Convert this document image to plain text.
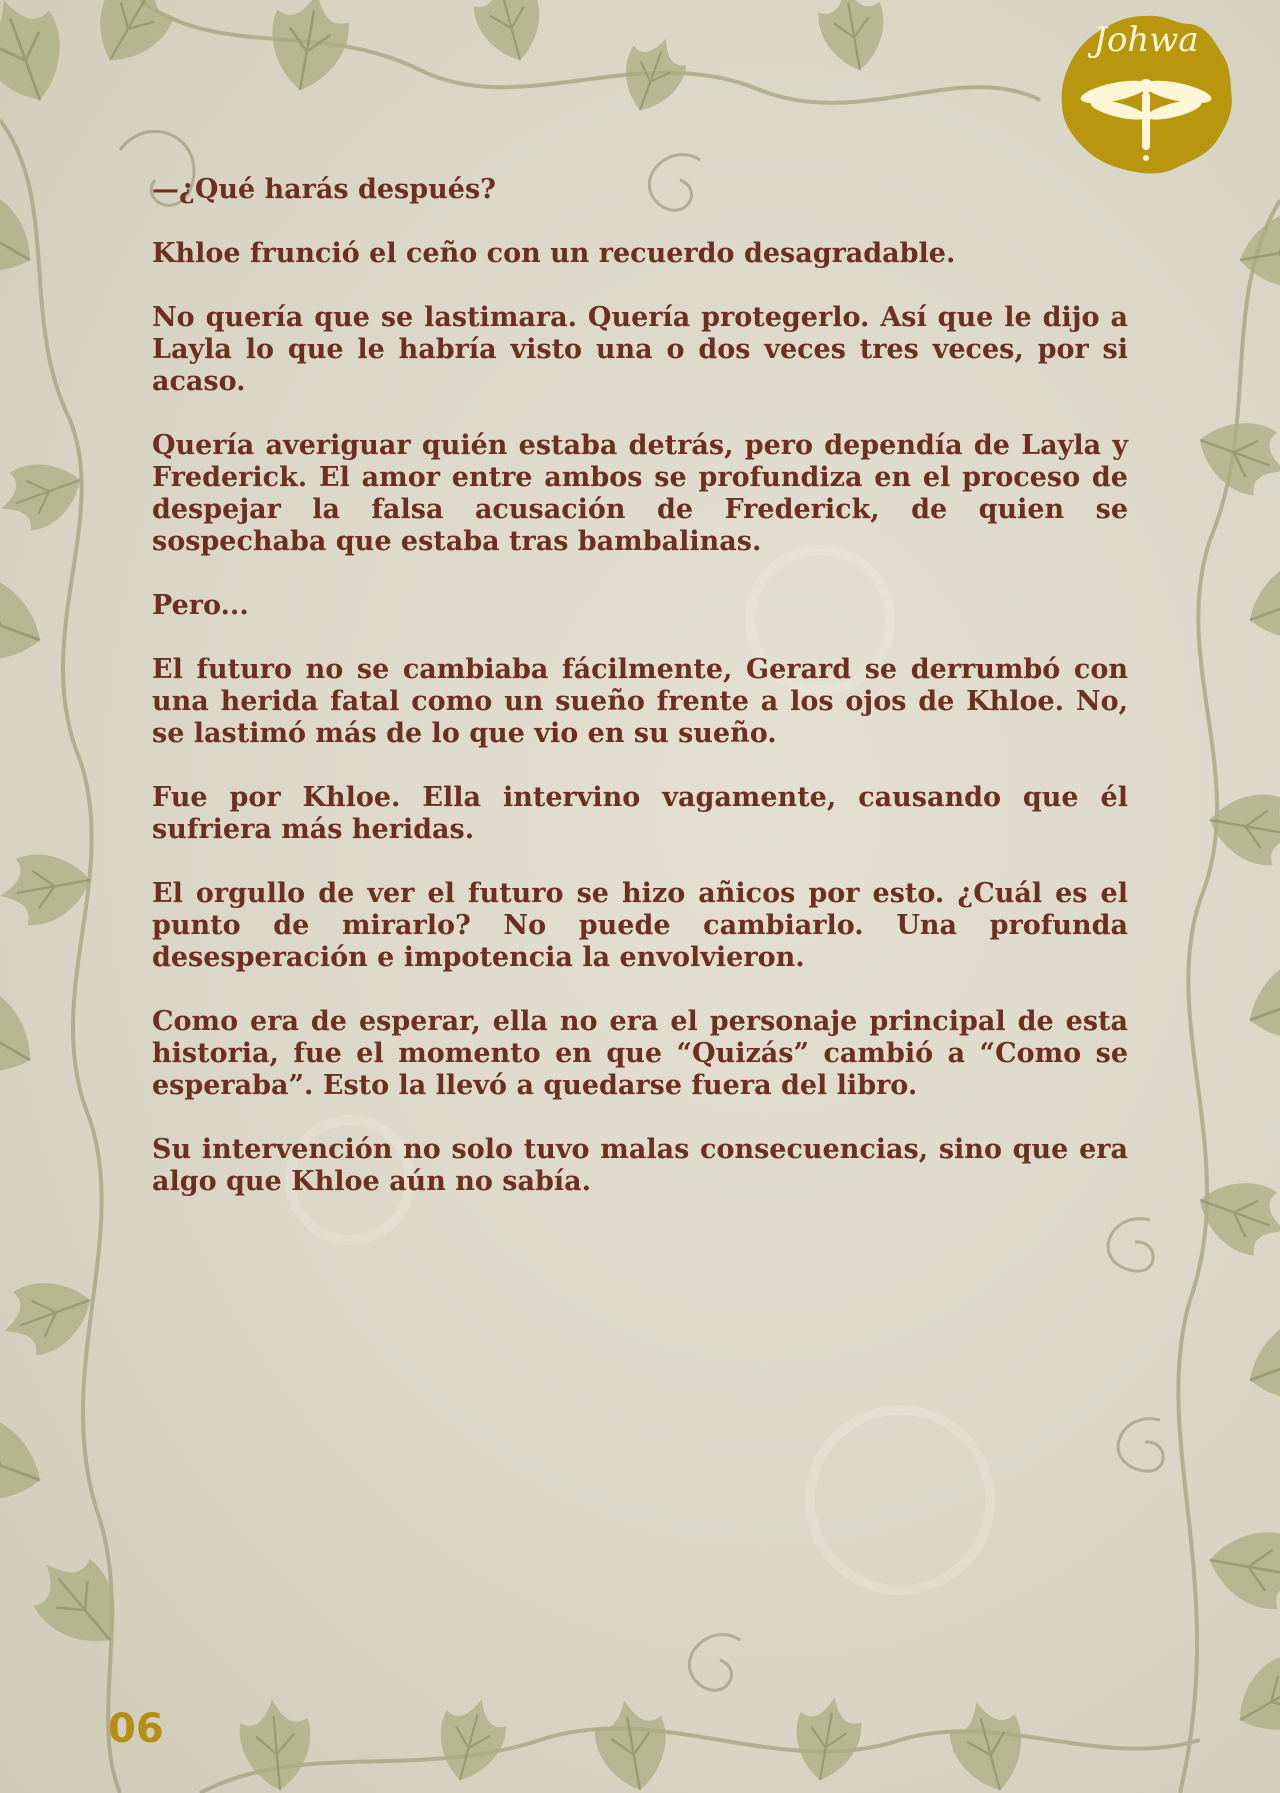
Johwa

—¿Qué harás después?

Khloe frunció el ceño con un recuerdo desagradable.

No quería que se lastimara. Quería protegerlo. Así que le dijo a Layla lo que le habría visto una o dos veces tres veces, por si acaso.

Quería averiguar quién estaba detrás, pero dependía de Layla y Frederick. El amor entre ambos se profundiza en el proceso de despejar la falsa acusación de Frederick, de quien se sospechaba que estaba tras bambalinas.

Pero...

El futuro no se cambiaba fácilmente, Gerard se derrumbó con una herida fatal como un sueño frente a los ojos de Khloe. No, se lastimó más de lo que vio en su sueño.

Fue por Khloe. Ella intervino vagamente, causando que él sufriera más heridas.

El orgullo de ver el futuro se hizo añicos por esto. ¿Cuál es el punto de mirarlo? No puede cambiarlo. Una profunda desesperación e impotencia la envolvieron.

Como era de esperar, ella no era el personaje principal de esta historia, fue el momento en que “Quizás” cambió a “Como se esperaba”. Esto la llevó a quedarse fuera del libro.

Su intervención no solo tuvo malas consecuencias, sino que era algo que Khloe aún no sabía.

06
